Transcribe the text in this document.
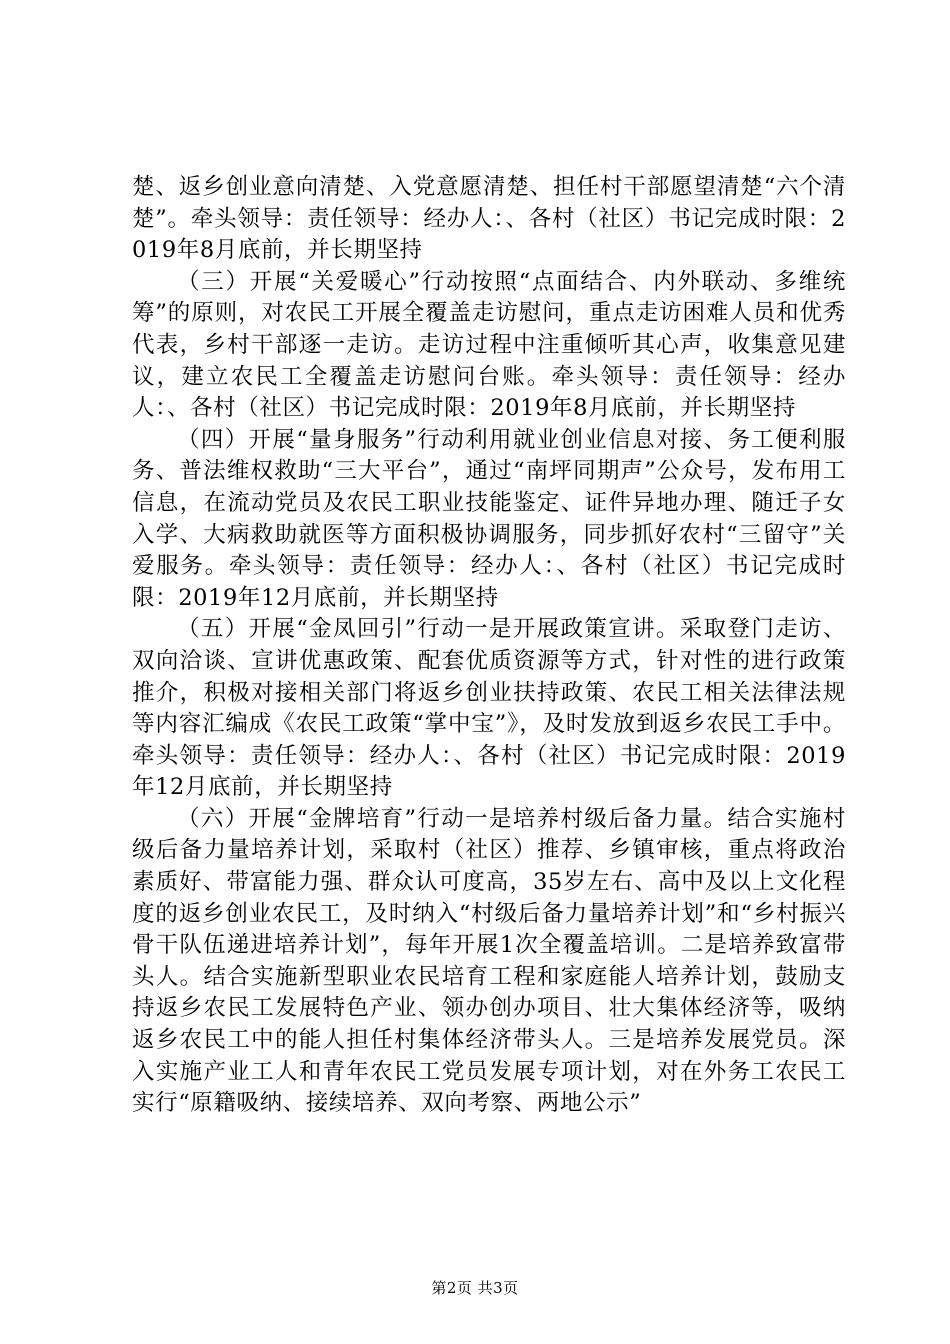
楚、返乡创业意向清楚、入党意愿清楚、担任村干部愿望清楚“六个清楚”。牵头领导：责任领导：经办人：、各村（社区）书记完成时限：2019年8月底前，并长期坚持

（三）开展“关爱暖心”行动按照“点面结合、内外联动、多维统筹”的原则，对农民工开展全覆盖走访慰问，重点走访困难人员和优秀代表，乡村干部逐一走访。走访过程中注重倾听其心声，收集意见建议，建立农民工全覆盖走访慰问台账。牵头领导：责任领导：经办人：、各村（社区）书记完成时限：2019年8月底前，并长期坚持

（四）开展“量身服务”行动利用就业创业信息对接、务工便利服务、普法维权救助“三大平台”，通过“南坪同期声”公众号，发布用工信息，在流动党员及农民工职业技能鉴定、证件异地办理、随迁子女入学、大病救助就医等方面积极协调服务，同步抓好农村“三留守”关爱服务。牵头领导：责任领导：经办人：、各村（社区）书记完成时限：2019年12月底前，并长期坚持

（五）开展“金凤回引”行动一是开展政策宣讲。采取登门走访、双向洽谈、宣讲优惠政策、配套优质资源等方式，针对性的进行政策推介，积极对接相关部门将返乡创业扶持政策、农民工相关法律法规等内容汇编成《农民工政策“掌中宝”》，及时发放到返乡农民工手中。牵头领导：责任领导：经办人：、各村（社区）书记完成时限：2019年12月底前，并长期坚持

（六）开展“金牌培育”行动一是培养村级后备力量。结合实施村级后备力量培养计划，采取村（社区）推荐、乡镇审核，重点将政治素质好、带富能力强、群众认可度高，35岁左右、高中及以上文化程度的返乡创业农民工，及时纳入“村级后备力量培养计划”和“乡村振兴骨干队伍递进培养计划”，每年开展1次全覆盖培训。二是培养致富带头人。结合实施新型职业农民培育工程和家庭能人培养计划，鼓励支持返乡农民工发展特色产业、领办创办项目、壮大集体经济等，吸纳返乡农民工中的能人担任村集体经济带头人。三是培养发展党员。深入实施产业工人和青年农民工党员发展专项计划，对在外务工农民工实行“原籍吸纳、接续培养、双向考察、两地公示”

第2页 共3页
